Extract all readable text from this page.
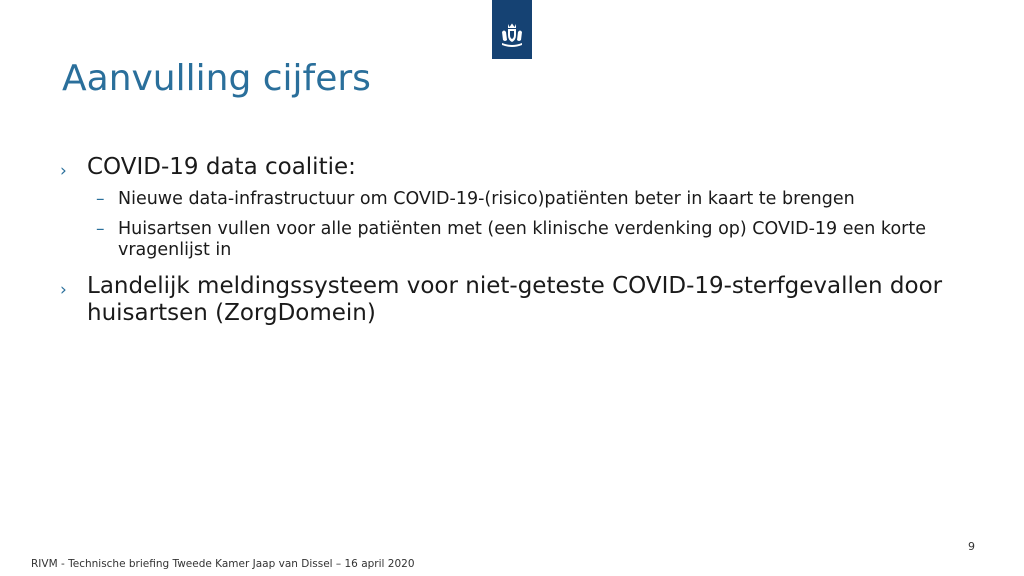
Aanvulling cijfers
› COVID-19 data coalitie:
– Nieuwe data-infrastructuur om COVID-19-(risico)patiënten beter in kaart te brengen
– Huisartsen vullen voor alle patiënten met (een klinische verdenking op) COVID-19 een korte vragenlijst in
› Landelijk meldingssysteem voor niet-geteste COVID-19-sterfgevallen door huisartsen (ZorgDomein)
9
RIVM - Technische briefing Tweede Kamer Jaap van Dissel – 16 april 2020
